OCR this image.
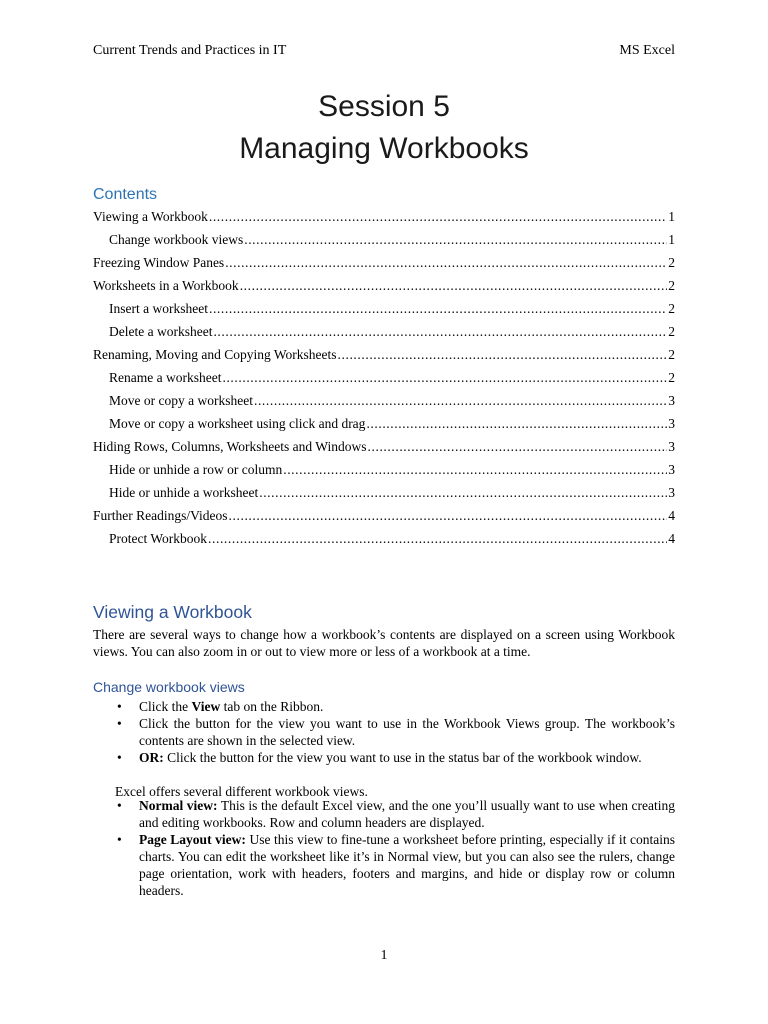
Current Trends and Practices in IT	MS Excel
Session 5
Managing Workbooks
Contents
Viewing a Workbook .....	1
Change workbook views .....	1
Freezing Window Panes .....	2
Worksheets in a Workbook .....	2
Insert a worksheet .....	2
Delete a worksheet .....	2
Renaming, Moving and Copying Worksheets .....	2
Rename a worksheet .....	2
Move or copy a worksheet .....	3
Move or copy a worksheet using click and drag .....	3
Hiding Rows, Columns, Worksheets and Windows .....	3
Hide or unhide a row or column .....	3
Hide or unhide a worksheet .....	3
Further Readings/Videos .....	4
Protect Workbook .....	4
Viewing a Workbook
There are several ways to change how a workbook’s contents are displayed on a screen using Workbook views. You can also zoom in or out to view more or less of a workbook at a time.
Change workbook views
• Click the View tab on the Ribbon.
• Click the button for the view you want to use in the Workbook Views group. The workbook’s contents are shown in the selected view.
• OR: Click the button for the view you want to use in the status bar of the workbook window.
Excel offers several different workbook views.
• Normal view: This is the default Excel view, and the one you’ll usually want to use when creating and editing workbooks. Row and column headers are displayed.
• Page Layout view: Use this view to fine-tune a worksheet before printing, especially if it contains charts. You can edit the worksheet like it’s in Normal view, but you can also see the rulers, change page orientation, work with headers, footers and margins, and hide or display row or column headers.
1
